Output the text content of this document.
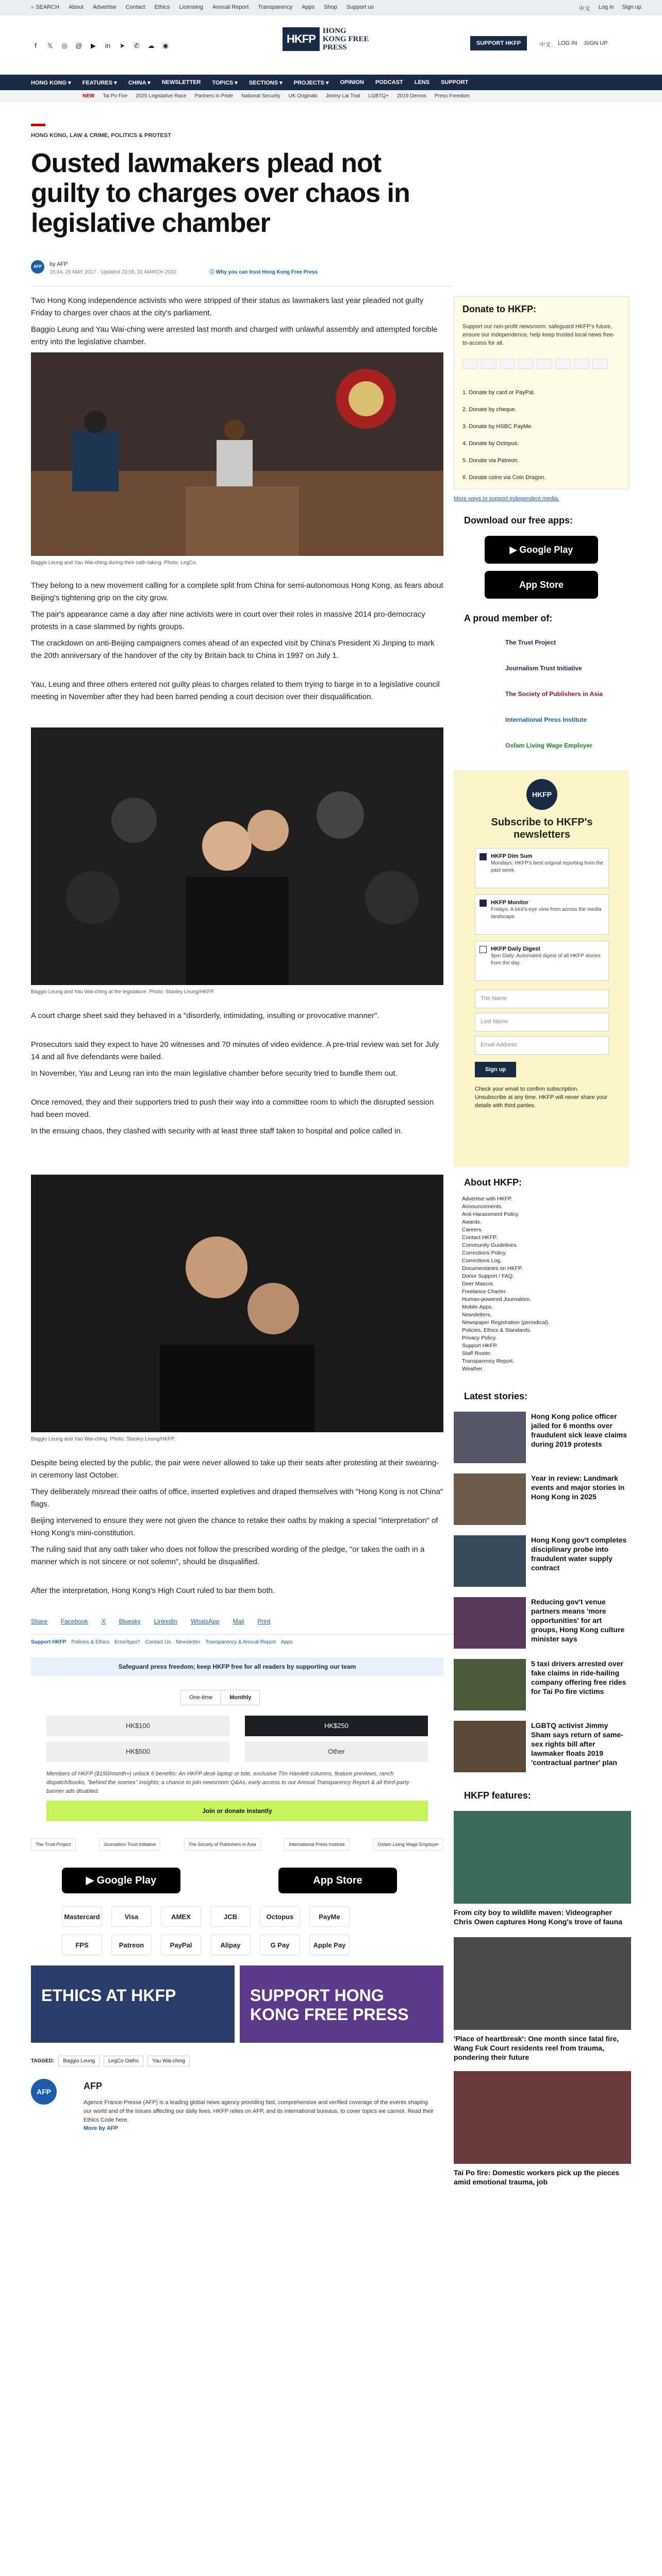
⌕ SEARCH About Advertise Contact Ethics Licensing Annual Report Transparency Apps Shop Support us	中文 Log in Sign up
f	𝕏 ◎ @	▶	in	➤ ✆ ☁ ◉
HKFP
HONG KONG FREE PRESS	SUPPORT HKFP	中文 LOG IN SIGN UP
HONG KONG ▾ FEATURES ▾ CHINA ▾ NEWSLETTER TOPICS ▾ SECTIONS ▾ PROJECTS ▾ OPINION PODCAST LENS SUPPORT
NEW Tai Po Fire 2025 Legislative Race Partners in Pride National Security UK Originals Jimmy Lai Trial LGBTQ+ 2019 Demos Press Freedom
HONG KONG, LAW & CRIME, POLITICS & PROTEST
Ousted lawmakers plead not guilty to charges over chaos in legislative chamber
AFP	by AFP
15:44, 26 MAY 2017 · Updated 23:55, 31 MARCH 2020	ⓘ Why you can trust Hong Kong Free Press

Two Hong Kong independence activists who were stripped of their status as lawmakers last year pleaded not guilty Friday to charges over chaos at the city's parliament.

Baggio Leung and Yau Wai-ching were arrested last month and charged with unlawful assembly and attempted forcible entry into the legislative chamber.

Baggio Leung and Yau Wai-ching during their oath-taking. Photo: LegCo.

They belong to a new movement calling for a complete split from China for semi-autonomous Hong Kong, as fears about Beijing's tightening grip on the city grow.

The pair's appearance came a day after nine activists were in court over their roles in massive 2014 pro-democracy protests in a case slammed by rights groups.

The crackdown on anti-Beijing campaigners comes ahead of an expected visit by China's President Xi Jinping to mark the 20th anniversary of the handover of the city by Britain back to China in 1997 on July 1.

Yau, Leung and three others entered not guilty pleas to charges related to them trying to barge in to a legislative council meeting in November after they had been barred pending a court decision over their disqualification.

Baggio Leung and Yau Wai-ching at the legislature. Photo: Stanley Leung/HKFP.

A court charge sheet said they behaved in a "disorderly, intimidating, insulting or provocative manner".

Prosecutors said they expect to have 20 witnesses and 70 minutes of video evidence. A pre-trial review was set for July 14 and all five defendants were bailed.

In November, Yau and Leung ran into the main legislative chamber before security tried to bundle them out.

Once removed, they and their supporters tried to push their way into a committee room to which the disrupted session had been moved.

In the ensuing chaos, they clashed with security with at least three staff taken to hospital and police called in.

Baggio Leung and Yau Wai-ching. Photo: Stanley Leung/HKFP.

Despite being elected by the public, the pair were never allowed to take up their seats after protesting at their swearing-in ceremony last October.

They deliberately misread their oaths of office, inserted expletives and draped themselves with "Hong Kong is not China" flags.

Beijing intervened to ensure they were not given the chance to retake their oaths by making a special "interpretation" of Hong Kong's mini-constitution.

The ruling said that any oath taker who does not follow the prescribed wording of the pledge, "or takes the oath in a manner which is not sincere or not solemn", should be disqualified.

After the interpretation, Hong Kong's High Court ruled to bar them both.

Share Facebook X Bluesky LinkedIn WhatsApp Mail Print
Support HKFP Policies & Ethics Error/typo? Contact Us Newsletter Transparency & Annual Report Apps
Safeguard press freedom; keep HKFP free for all readers by supporting our team
One-time	Monthly
HK$100	HK$250
HK$500	Other

Members of HKFP ($150/month+) unlock 6 benefits: An HKFP desk laptop or tote, exclusive Tim Hamlett columns, feature previews, ranch dispatch/books, "behind the scenes" insights; a chance to join newsroom Q&As, early access to our Annual Transparency Report & all third-party banner ads disabled.

Join or donate instantly
The Trust Project	Journalism Trust Initiative	The Society of Publishers in Asia	International Press Institute	Oxfam Living Wage Employer
▶ Google Play	App Store
Mastercard	Visa	AMEX	JCB	Octopus	PayMe
FPS	Patreon	PayPal	Alipay	G Pay	Apple Pay
ETHICS AT HKFP	SUPPORT HONG KONG FREE PRESS
TAGGED:	Baggio Leung	LegCo Oaths	Yau Wai-ching
AFP
AFP

Agence France-Presse (AFP) is a leading global news agency providing fast, comprehensive and verified coverage of the events shaping our world and of the issues affecting our daily lives. HKFP relies on AFP, and its international bureaus, to cover topics we cannot. Read their Ethics Code here.

More by AFP
Donate to HKFP:

Support our non-profit newsroom: safeguard HKFP's future, ensure our independence, help keep trusted local news free-to-access for all.

1. Donate by card or PayPal.
2. Donate by cheque.
3. Donate by HSBC PayMe.
4. Donate by Octopus.
5. Donate via Patreon.
6. Donate coins via Coin Dragon.
More ways to support independent media.
Download our free apps:
▶ Google Play
App Store
A proud member of:
The Trust Project
Journalism Trust Initiative
The Society of Publishers in Asia
International Press Institute
Oxfam Living Wage Employer
HKFP
Subscribe to HKFP's newsletters
HKFP Dim Sum
Mondays: HKFP's best original reporting from the past week.
HKFP Monitor
Fridays: A bird's-eye view from across the media landscape.
HKFP Daily Digest
9pm Daily: Automated digest of all HKFP stories from the day.
The Name
Last Name
Email Address
Sign up

Check your email to confirm subscription. Unsubscribe at any time. HKFP will never share your details with third parties.

About HKFP:
Advertise with HKFP.
Announcements.
Anti-Harassment Policy.
Awards.
Careers.
Contact HKFP.
Community Guidelines.
Corrections Policy.
Corrections Log.
Documentaries on HKFP.
Donor Support / FAQ.
Deer Mascot.
Freelance Charter.
Human-powered Journalism.
Mobile Apps.
Newsletters.
Newspaper Registration (periodical).
Policies, Ethics & Standards.
Privacy Policy.
Support HKFP.
Staff Roster.
Transparency Report.
Weather.
Latest stories:
Hong Kong police officer jailed for 6 months over fraudulent sick leave claims during 2019 protests
Year in review: Landmark events and major stories in Hong Kong in 2025
Hong Kong gov't completes disciplinary probe into fraudulent water supply contract
Reducing gov't venue partners means 'more opportunities' for art groups, Hong Kong culture minister says
5 taxi drivers arrested over fake claims in ride-hailing company offering free rides for Tai Po fire victims
LGBTQ activist Jimmy Sham says return of same-sex rights bill after lawmaker floats 2019 'contractual partner' plan
HKFP features:
From city boy to wildlife maven: Videographer Chris Owen captures Hong Kong's trove of fauna
'Place of heartbreak': One month since fatal fire, Wang Fuk Court residents reel from trauma, pondering their future
Tai Po fire: Domestic workers pick up the pieces amid emotional trauma, job
